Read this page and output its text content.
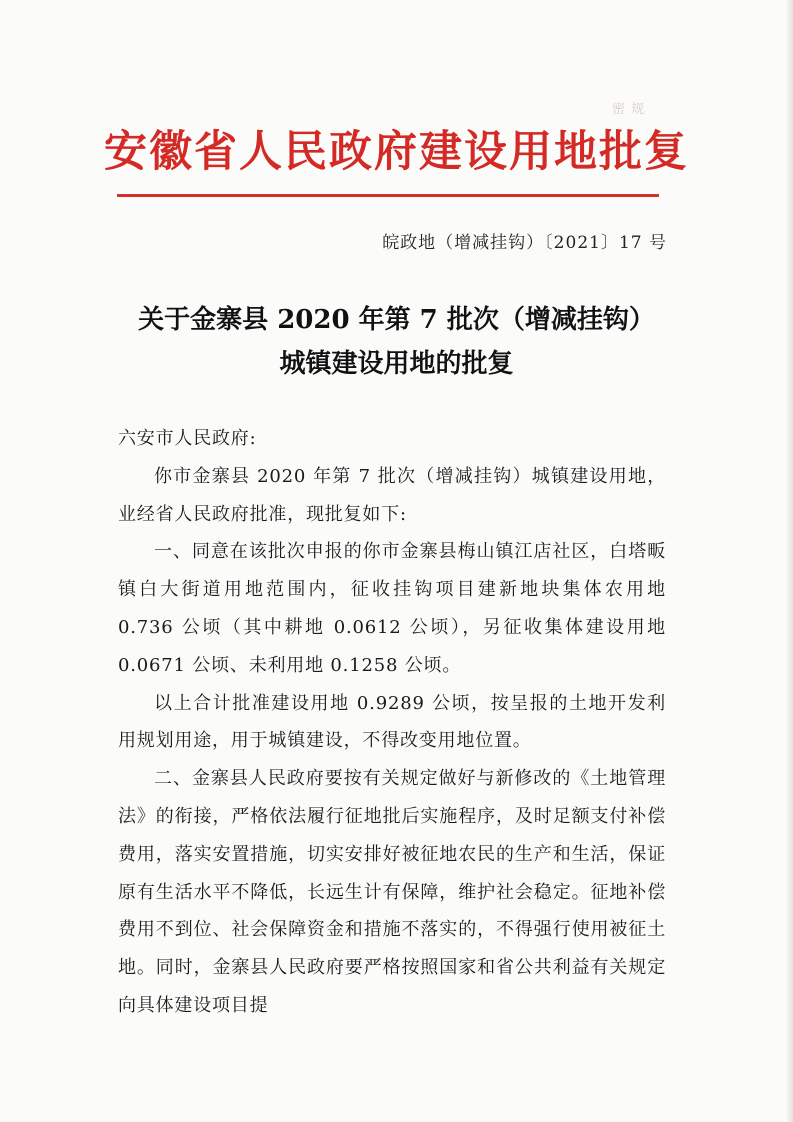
密 规
安徽省人民政府建设用地批复
皖政地（增减挂钩）〔2021〕17 号
关于金寨县 2020 年第 7 批次（增减挂钩）
城镇建设用地的批复

六安市人民政府:

你市金寨县 2020 年第 7 批次（增减挂钩）城镇建设用地，业经省人民政府批准，现批复如下:

一、同意在该批次申报的你市金寨县梅山镇江店社区，白塔畈镇白大街道用地范围内，征收挂钩项目建新地块集体农用地 0.736 公顷（其中耕地 0.0612 公顷），另征收集体建设用地 0.0671 公顷、未利用地 0.1258 公顷。

以上合计批准建设用地 0.9289 公顷，按呈报的土地开发利用规划用途，用于城镇建设，不得改变用地位置。

二、金寨县人民政府要按有关规定做好与新修改的《土地管理法》的衔接，严格依法履行征地批后实施程序，及时足额支付补偿费用，落实安置措施，切实安排好被征地农民的生产和生活，保证原有生活水平不降低，长远生计有保障，维护社会稳定。征地补偿费用不到位、社会保障资金和措施不落实的，不得强行使用被征土地。同时，金寨县人民政府要严格按照国家和省公共利益有关规定向具体建设项目提
